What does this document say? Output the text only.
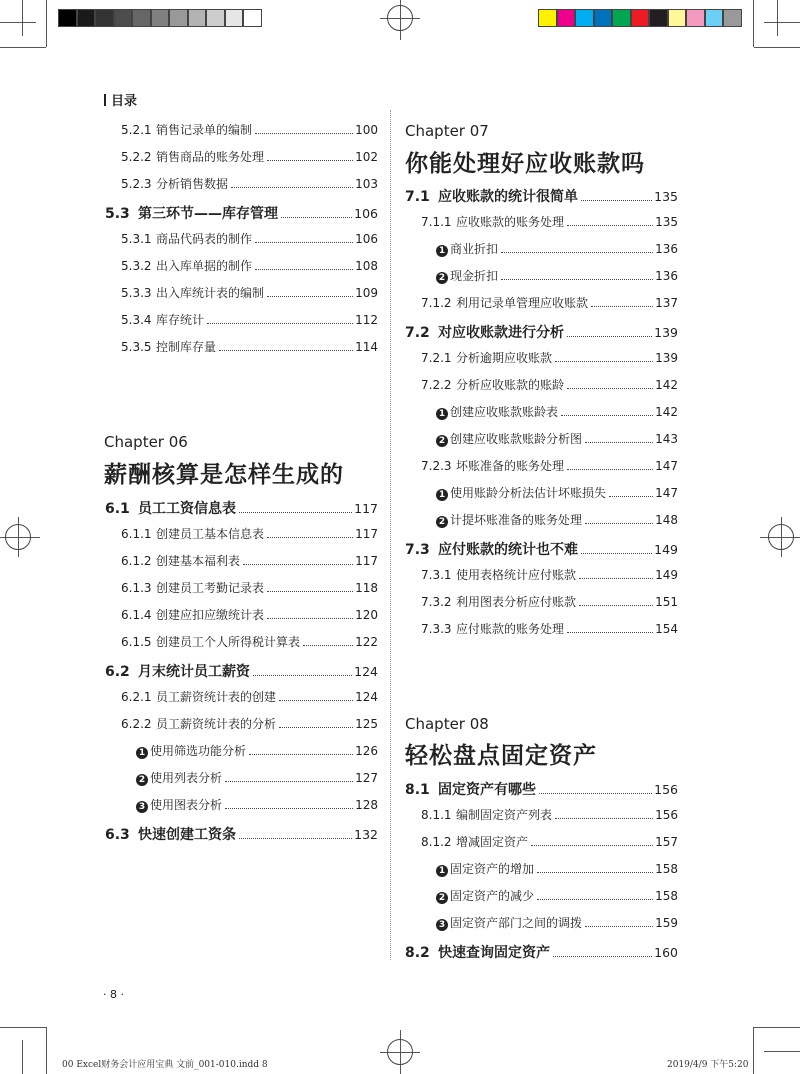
目录
5.2.1 销售记录单的编制	100
5.2.2 销售商品的账务处理	102
5.2.3 分析销售数据	103
5.3 第三环节——库存管理	106
5.3.1 商品代码表的制作	106
5.3.2 出入库单据的制作	108
5.3.3 出入库统计表的编制	109
5.3.4 库存统计	112
5.3.5 控制库存量	114
6.1 员工工资信息表	117
6.1.1 创建员工基本信息表	117
6.1.2 创建基本福利表	117
6.1.3 创建员工考勤记录表	118
6.1.4 创建应扣应缴统计表	120
6.1.5 创建员工个人所得税计算表	122
6.2 月末统计员工薪资	124
6.2.1 员工薪资统计表的创建	124
6.2.2 员工薪资统计表的分析	125
1 使用筛选功能分析	126
2 使用列表分析	127
3 使用图表分析	128
6.3 快速创建工资条	132
7.1 应收账款的统计很简单	135
7.1.1 应收账款的账务处理	135
1 商业折扣	136
2 现金折扣	136
7.1.2 利用记录单管理应收账款	137
7.2 对应收账款进行分析	139
7.2.1 分析逾期应收账款	139
7.2.2 分析应收账款的账龄	142
1 创建应收账款账龄表	142
2 创建应收账款账龄分析图	143
7.2.3 坏账准备的账务处理	147
1 使用账龄分析法估计坏账损失	147
2 计提坏账准备的账务处理	148
7.3 应付账款的统计也不难	149
7.3.1 使用表格统计应付账款	149
7.3.2 利用图表分析应付账款	151
7.3.3 应付账款的账务处理	154
8.1 固定资产有哪些	156
8.1.1 编制固定资产列表	156
8.1.2 增减固定资产	157
1 固定资产的增加	158
2 固定资产的减少	158
3 固定资产部门之间的调拨	159
8.2 快速查询固定资产	160
Chapter 06
薪酬核算是怎样生成的
Chapter 07
你能处理好应收账款吗
Chapter 08
轻松盘点固定资产
· 8 ·
00 Excel财务会计应用宝典 文前_001-010.indd 8	2019/4/9 下午5:20
